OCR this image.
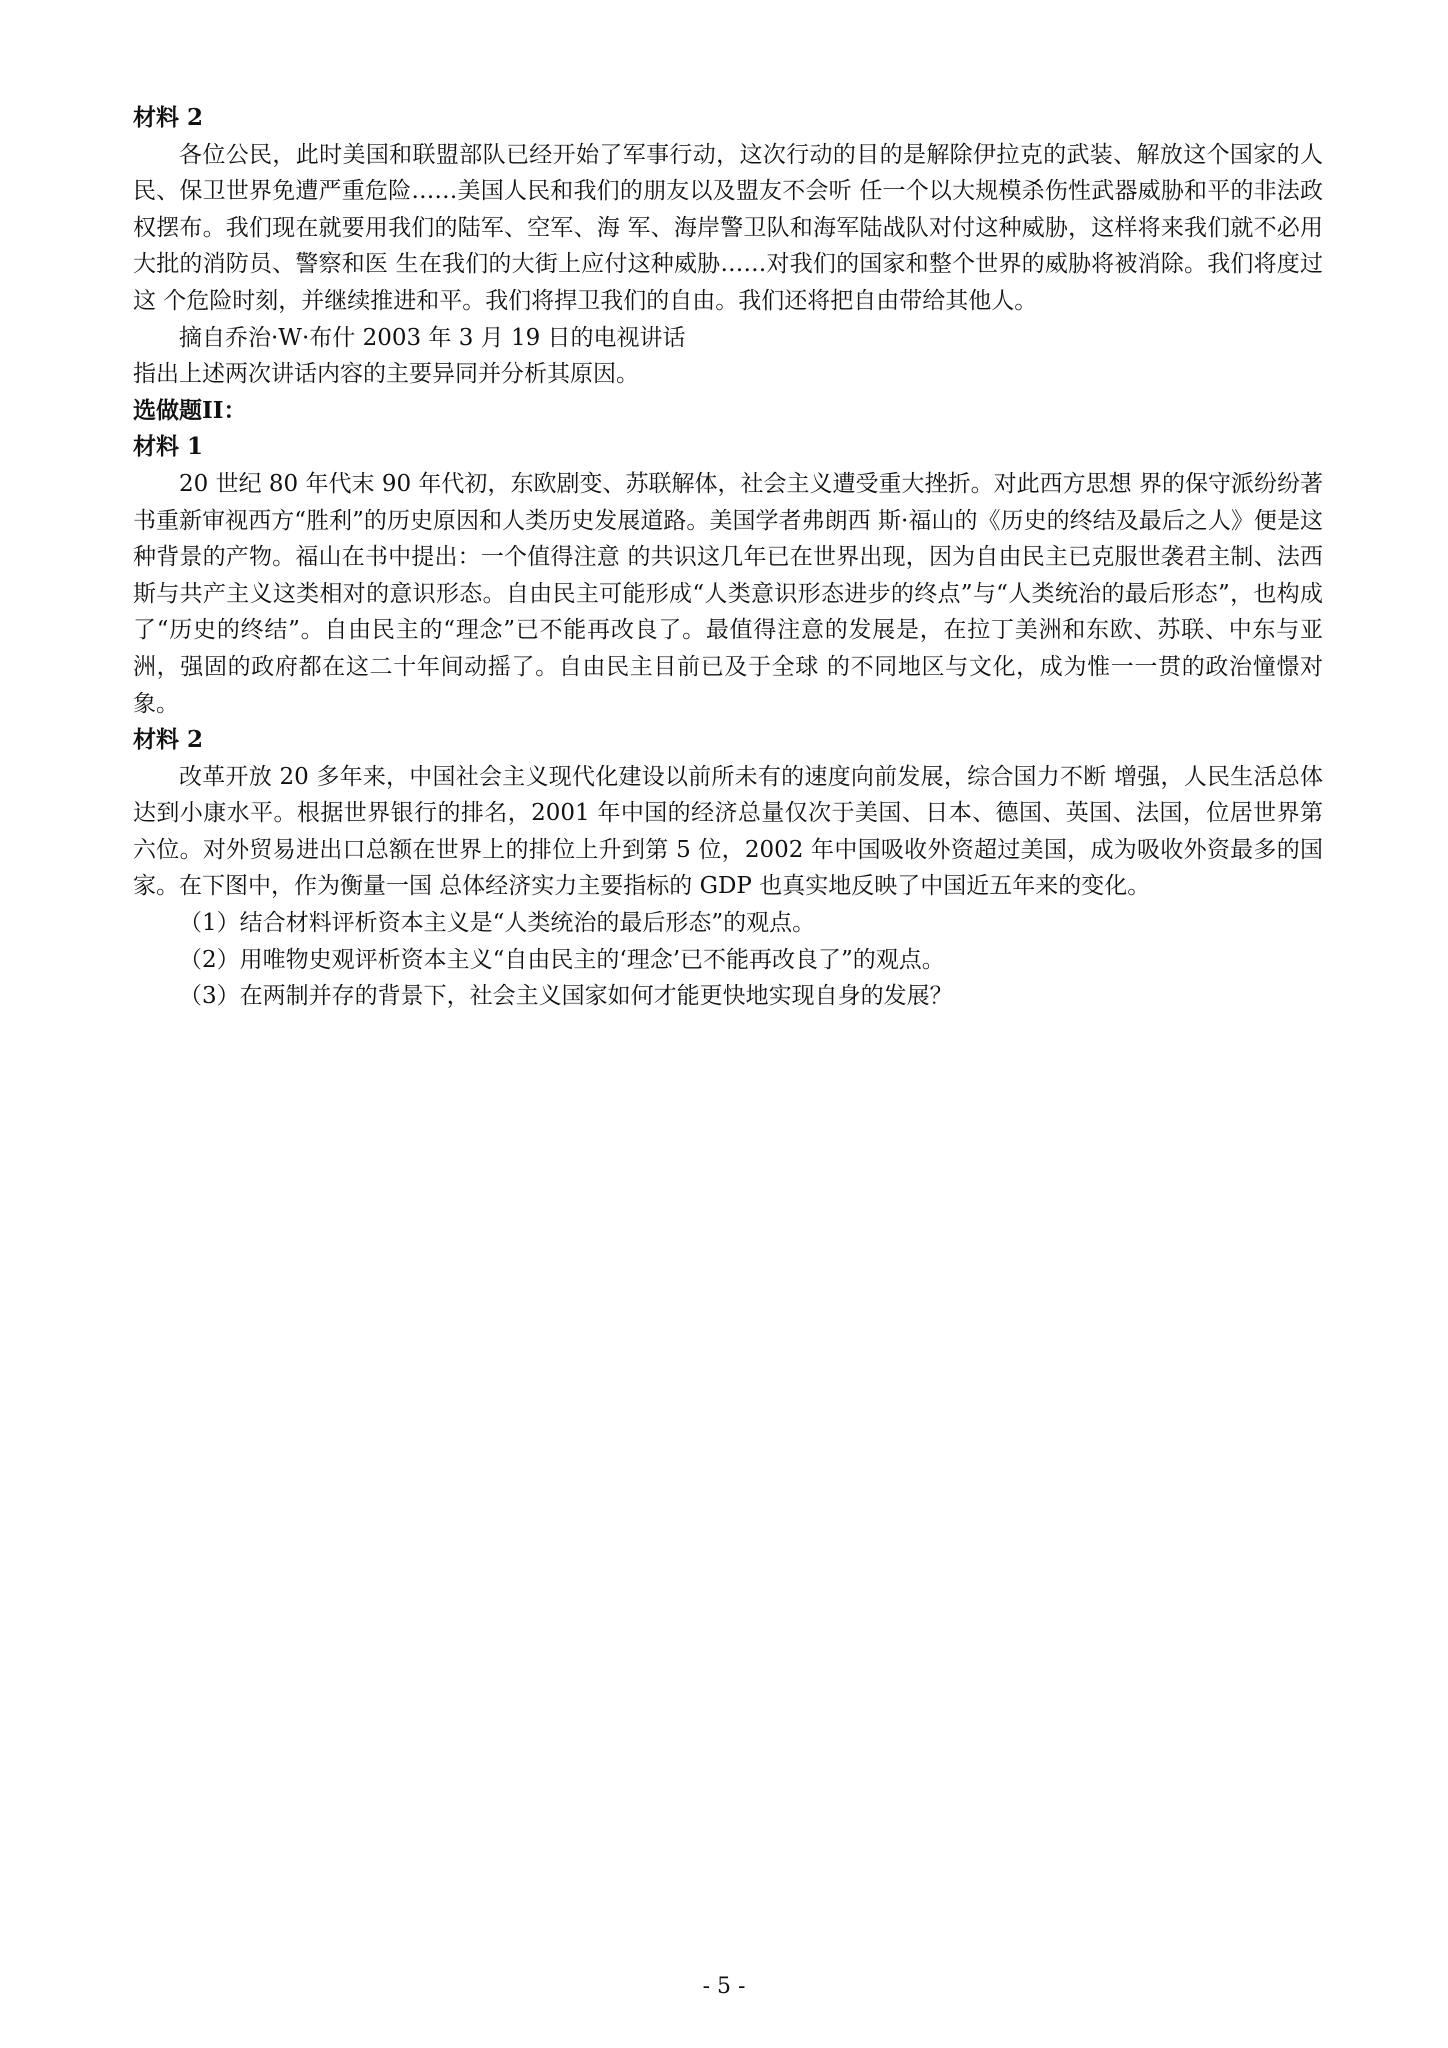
材料 2

各位公民，此时美国和联盟部队已经开始了军事行动，这次行动的目的是解除伊拉克的武装、解放这个国家的人民、保卫世界免遭严重危险……美国人民和我们的朋友以及盟友不会听 任一个以大规模杀伤性武器威胁和平的非法政权摆布。我们现在就要用我们的陆军、空军、海 军、海岸警卫队和海军陆战队对付这种威胁，这样将来我们就不必用大批的消防员、警察和医 生在我们的大街上应付这种威胁……对我们的国家和整个世界的威胁将被消除。我们将度过这 个危险时刻，并继续推进和平。我们将捍卫我们的自由。我们还将把自由带给其他人。

摘自乔治·W·布什 2003 年 3 月 19 日的电视讲话

指出上述两次讲话内容的主要异同并分析其原因。

选做题II：

材料 1

20 世纪 80 年代末 90 年代初，东欧剧变、苏联解体，社会主义遭受重大挫折。对此西方思想 界的保守派纷纷著书重新审视西方“胜利”的历史原因和人类历史发展道路。美国学者弗朗西 斯·福山的《历史的终结及最后之人》便是这种背景的产物。福山在书中提出：一个值得注意 的共识这几年已在世界出现，因为自由民主已克服世袭君主制、法西斯与共产主义这类相对的意识形态。自由民主可能形成“人类意识形态进步的终点”与“人类统治的最后形态”，也构成了“历史的终结”。自由民主的“理念”已不能再改良了。最值得注意的发展是，在拉丁美洲和东欧、苏联、中东与亚洲，强固的政府都在这二十年间动摇了。自由民主目前已及于全球 的不同地区与文化，成为惟一一贯的政治憧憬对象。

材料 2

改革开放 20 多年来，中国社会主义现代化建设以前所未有的速度向前发展，综合国力不断 增强，人民生活总体达到小康水平。根据世界银行的排名，2001 年中国的经济总量仅次于美国、日本、德国、英国、法国，位居世界第六位。对外贸易进出口总额在世界上的排位上升到第 5 位，2002 年中国吸收外资超过美国，成为吸收外资最多的国家。在下图中，作为衡量一国 总体经济实力主要指标的 GDP 也真实地反映了中国近五年来的变化。

（1）结合材料评析资本主义是“人类统治的最后形态”的观点。

（2）用唯物史观评析资本主义“自由民主的‘理念’已不能再改良了”的观点。

（3）在两制并存的背景下，社会主义国家如何才能更快地实现自身的发展？

- 5 -
